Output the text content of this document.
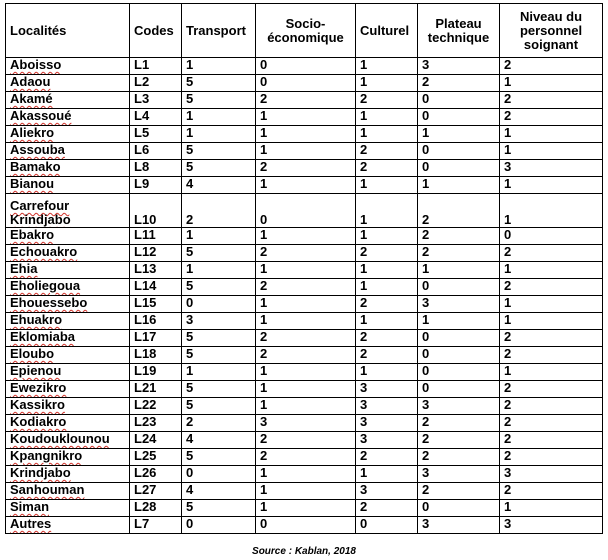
Localités	Codes	Transport	Socio-économique	Culturel	Plateau technique	Niveau du personnel soignant
Aboisso	L1	1	0	1	3	2
Adaou	L2	5	0	1	2	1
Akamé	L3	5	2	2	0	2
Akassoué	L4	1	1	1	0	2
Aliekro	L5	1	1	1	1	1
Assouba	L6	5	1	2	0	1
Bamako	L8	5	2	2	0	3
Bianou	L9	4	1	1	1	1
Carrefour Krindjabo	L10	2	0	1	2	1
Ebakro	L11	1	1	1	2	0
Echouakro	L12	5	2	2	2	2
Ehia	L13	1	1	1	1	1
Eholiegoua	L14	5	2	1	0	2
Ehouessebo	L15	0	1	2	3	1
Ehuakro	L16	3	1	1	1	1
Eklomiaba	L17	5	2	2	0	2
Eloubo	L18	5	2	2	0	2
Epienou	L19	1	1	1	0	1
Ewezikro	L21	5	1	3	0	2
Kassikro	L22	5	1	3	3	2
Kodiakro	L23	2	3	3	2	2
Koudouklounou	L24	4	2	3	2	2
Kpangnikro	L25	5	2	2	2	2
Krindjabo	L26	0	1	1	3	3
Sanhouman	L27	4	1	3	2	2
Siman	L28	5	1	2	0	1
Autres	L7	0	0	0	3	3
Source : Kablan, 2018
